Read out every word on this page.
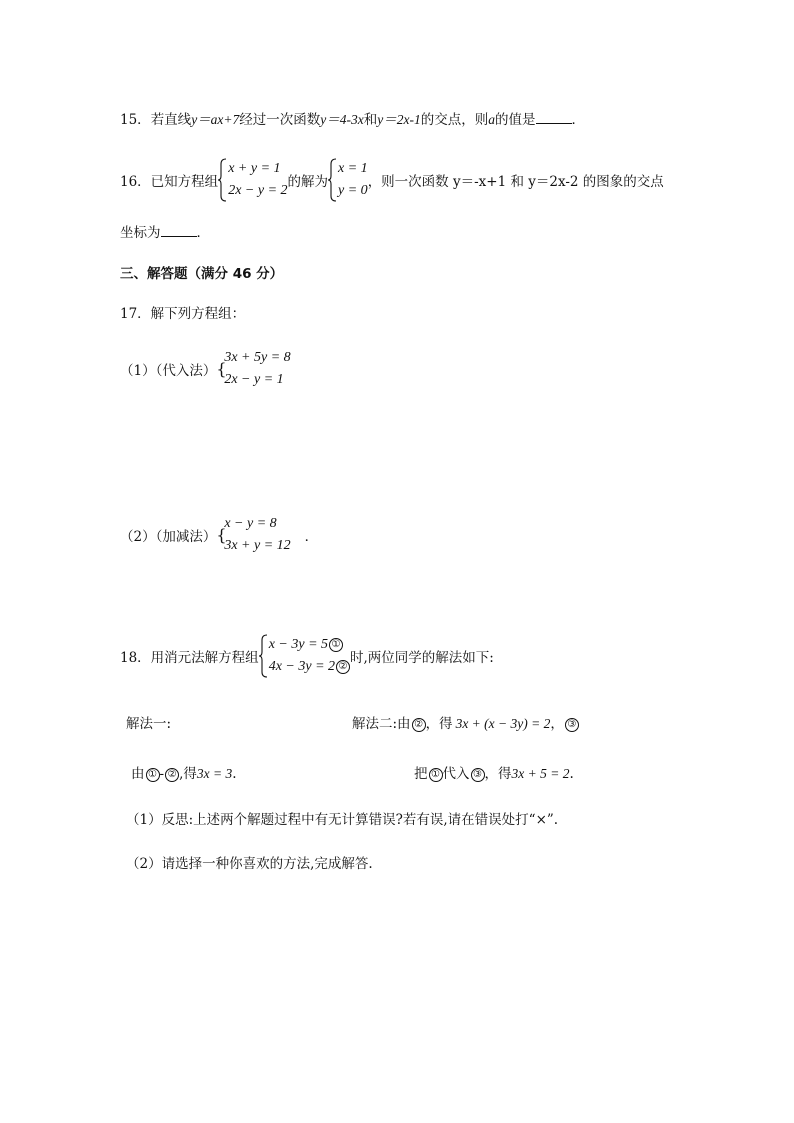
15．若直线y＝ax+7经过一次函数y＝4-3x和y＝2x-1的交点，则a的值是	．
16．已知方程组
x + y = 1
2x − y = 2
的解为
x = 1
y = 0
，则一次函数 y＝-x+1 和 y＝2x-2 的图象的交点
坐标为	．
三、解答题（满分 46 分）
17．解下列方程组：
（1）（代入法） {
3x + 5y = 8
2x − y = 1
（2）（加减法） {
x − y = 8
3x + y = 12
．
18．用消元法解方程组
x − 3y = 5 ①
4x − 3y = 2 ②
时,两位同学的解法如下:
解法一:	解法二:由 ② ，得 3x + (x − 3y) = 2， ③
由 ① - ② ,得3x = 3.	把 ① 代入 ③ ，得3x + 5 = 2.
（1）反思:上述两个解题过程中有无计算错误?若有误,请在错误处打“×”.
（2）请选择一种你喜欢的方法,完成解答.
